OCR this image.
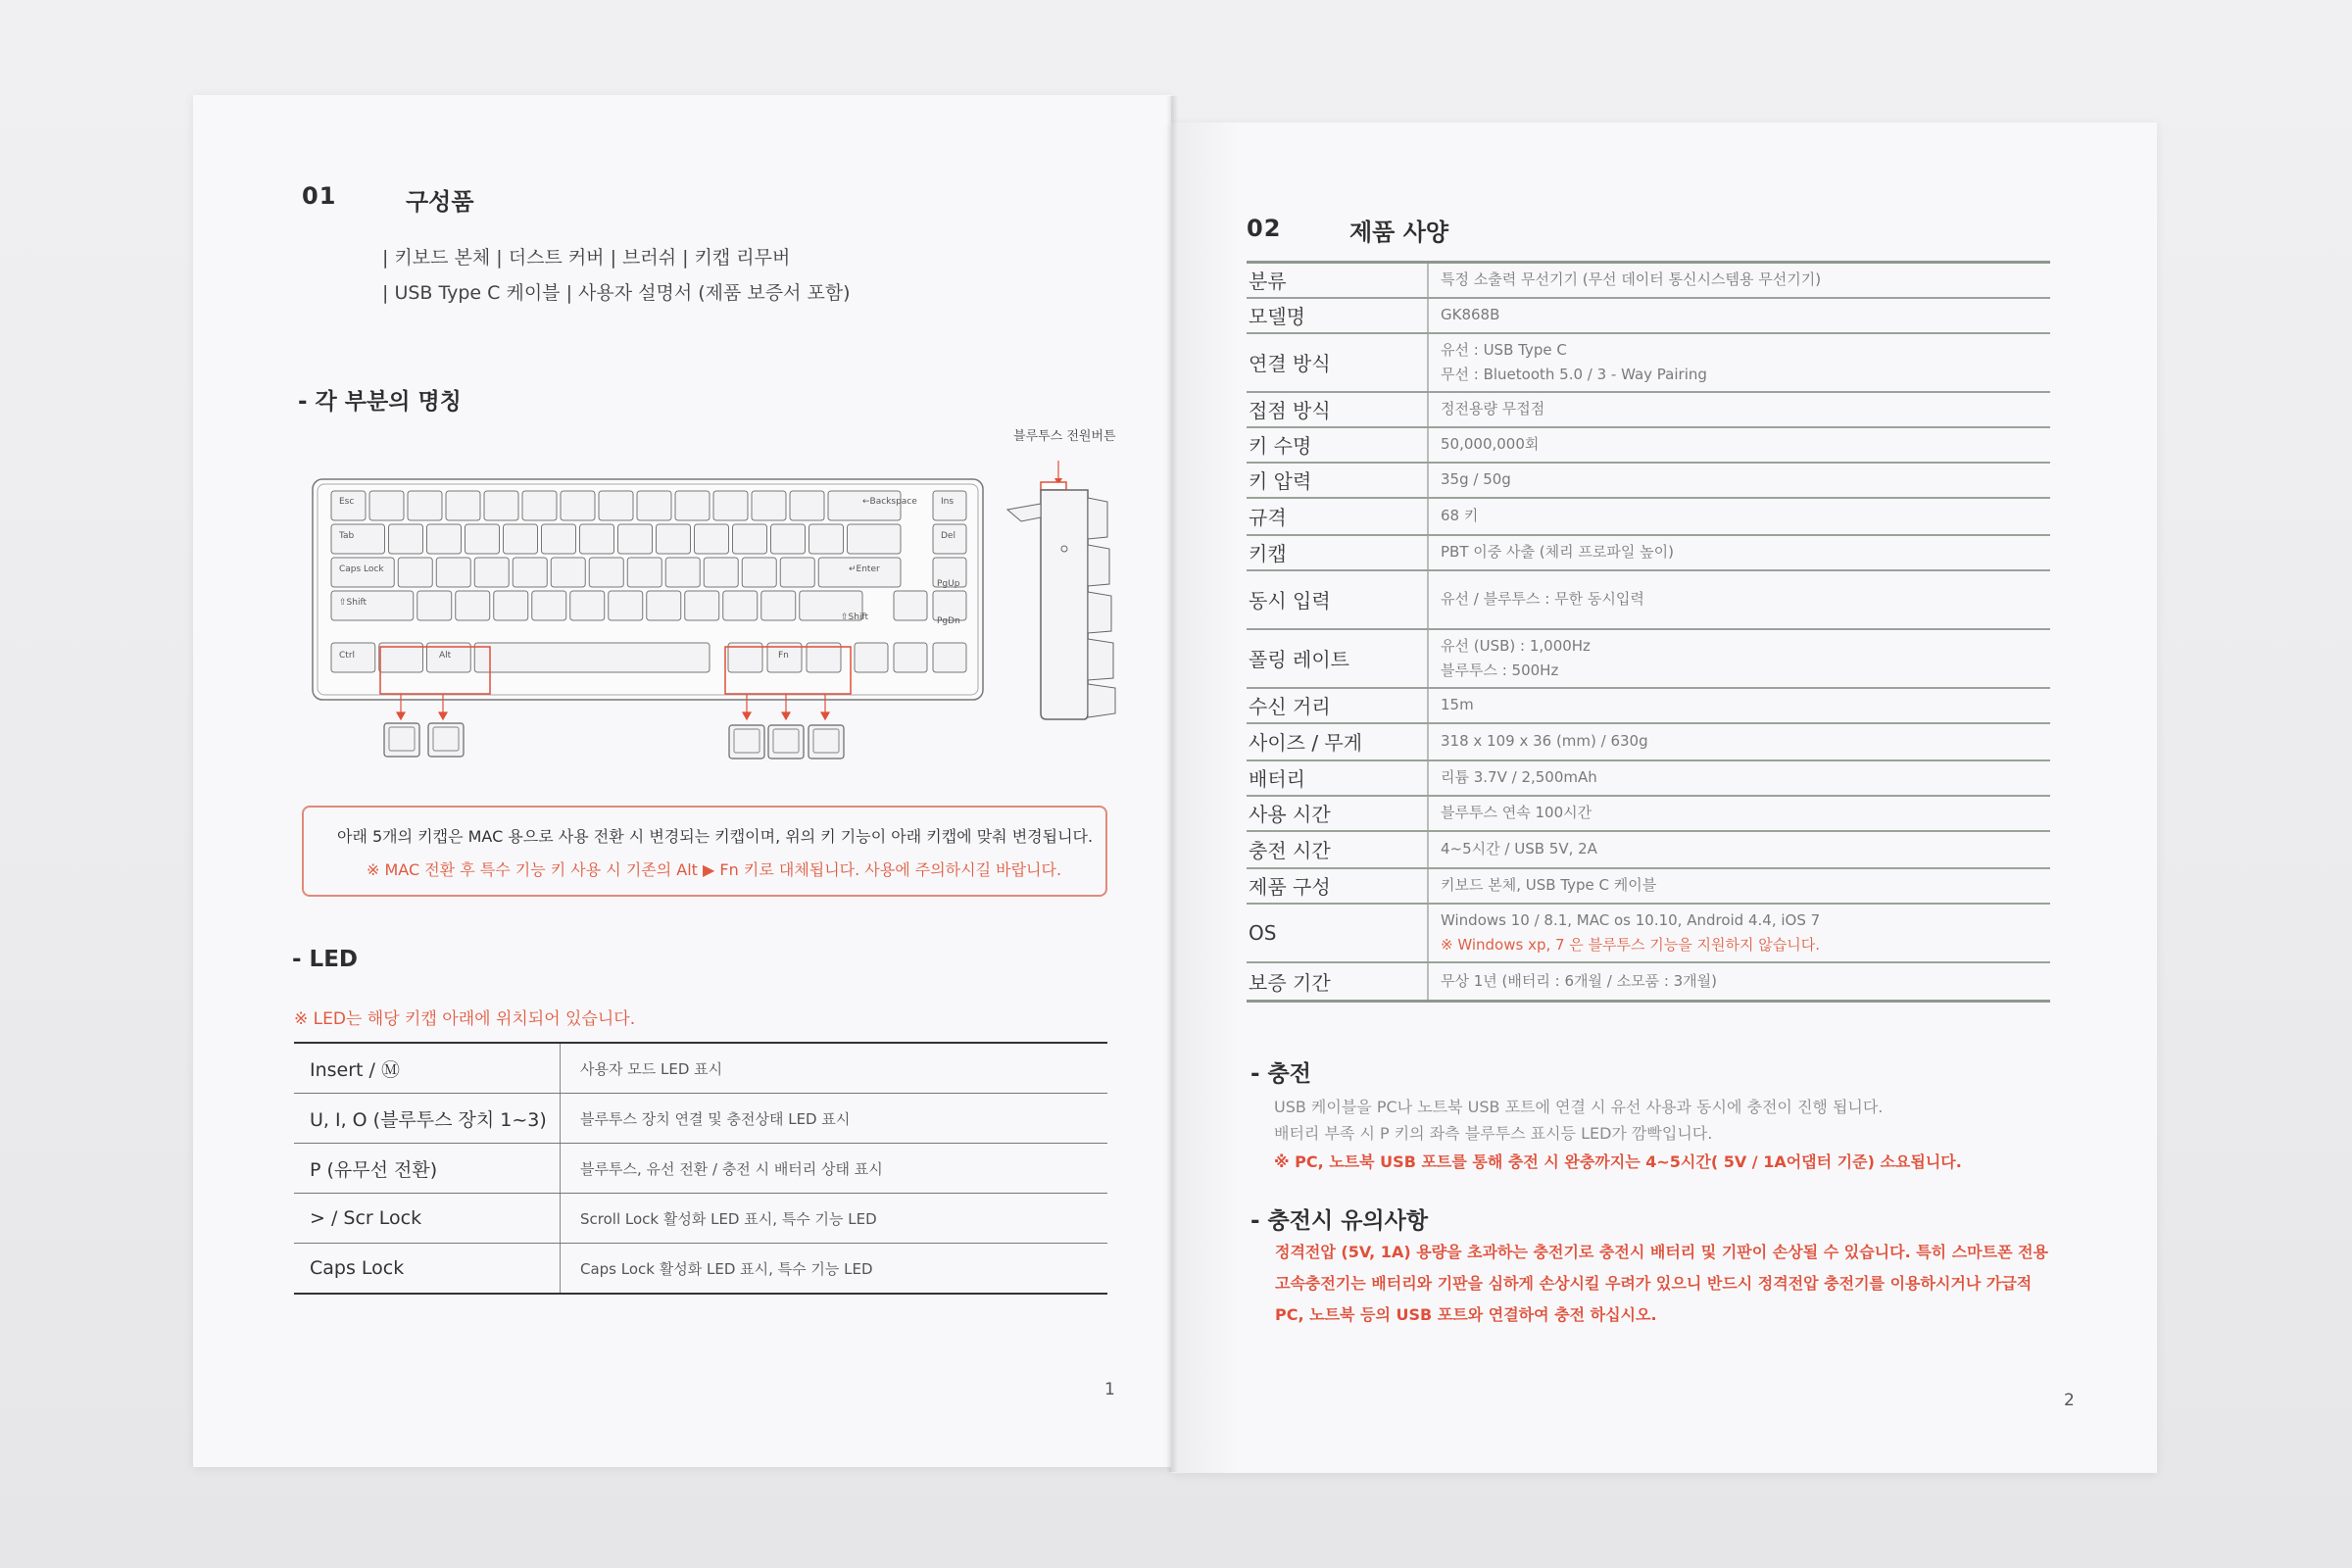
01	구성품
| 키보드 본체 | 더스트 커버 | 브러쉬 | 키캡 리무버
| USB Type C 케이블 | 사용자 설명서 (제품 보증서 포함)
- 각 부분의 명칭
Esc
Tab
Caps Lock
⇧Shift
Ctrl	Alt
←Backspace
↵Enter
⇧Shift
Fn
Ins
Del
PgUp
PgDn
블루투스 전원버튼
아래 5개의 키캡은 MAC 용으로 사용 전환 시 변경되는 키캡이며, 위의 키 기능이 아래 키캡에 맞춰 변경됩니다.
※ MAC 전환 후 특수 기능 키 사용 시 기존의 Alt ▶ Fn 키로 대체됩니다. 사용에 주의하시길 바랍니다.
- LED
※ LED는 해당 키캡 아래에 위치되어 있습니다.
Insert / Ⓜ	사용자 모드 LED 표시
U, I, O (블루투스 장치 1~3)	블루투스 장치 연결 및 충전상태 LED 표시
P (유무선 전환)	블루투스, 유선 전환 / 충전 시 배터리 상태 표시
> / Scr Lock	Scroll Lock 활성화 LED 표시, 특수 기능 LED
Caps Lock	Caps Lock 활성화 LED 표시, 특수 기능 LED
1
02	제품 사양
분류	특정 소출력 무선기기 (무선 데이터 통신시스템용 무선기기)

모델명	GK868B

연결 방식	유선 : USB Type C
무선 : Bluetooth 5.0 / 3 - Way Pairing

접점 방식	정전용량 무접점

키 수명	50,000,000회

키 압력	35g / 50g

규격	68 키

키캡	PBT 이중 사출 (체리 프로파일 높이)

동시 입력	유선 / 블루투스 : 무한 동시입력

폴링 레이트	유선 (USB) : 1,000Hz
블루투스 : 500Hz

수신 거리	15m

사이즈 / 무게	318 x 109 x 36 (mm) / 630g

배터리	리튬 3.7V / 2,500mAh

사용 시간	블루투스 연속 100시간

충전 시간	4~5시간 / USB 5V, 2A

제품 구성	키보드 본체, USB Type C 케이블

OS	Windows 10 / 8.1, MAC os 10.10, Android 4.4, iOS 7
※ Windows xp, 7 은 블루투스 기능을 지원하지 않습니다.

보증 기간	무상 1년 (배터리 : 6개월 / 소모품 : 3개월)
- 충전
USB 케이블을 PC나 노트북 USB 포트에 연결 시 유선 사용과 동시에 충전이 진행 됩니다.
배터리 부족 시 P 키의 좌측 블루투스 표시등 LED가 깜빡입니다.
※ PC, 노트북 USB 포트를 통해 충전 시 완충까지는 4~5시간( 5V / 1A어댑터 기준) 소요됩니다.
- 충전시 유의사항
정격전압 (5V, 1A) 용량을 초과하는 충전기로 충전시 배터리 및 기판이 손상될 수 있습니다. 특히 스마트폰 전용
고속충전기는 배터리와 기판을 심하게 손상시킬 우려가 있으니 반드시 정격전압 충전기를 이용하시거나 가급적
PC, 노트북 등의 USB 포트와 연결하여 충전 하십시오.
2
